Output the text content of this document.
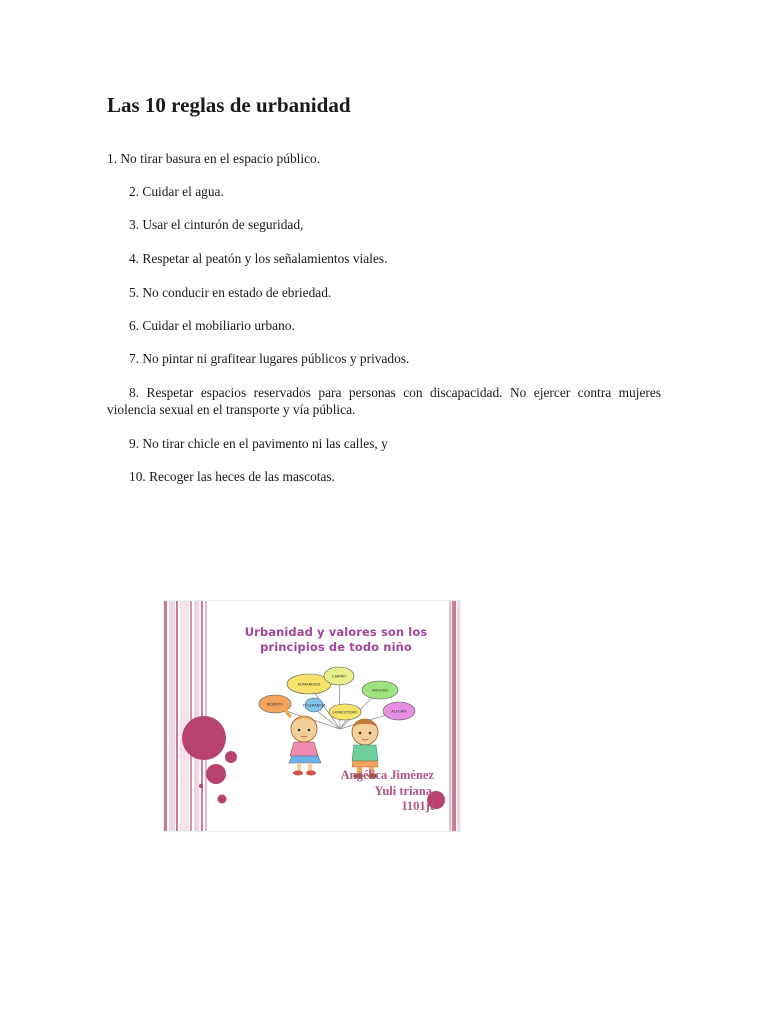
Las 10 reglas de urbanidad

1. No tirar basura en el espacio público.

2. Cuidar el agua.

3. Usar el cinturón de seguridad,

4. Respetar al peatón y los señalamientos viales.

5. No conducir en estado de ebriedad.

6. Cuidar el mobiliario urbano.

7. No pintar ni grafitear lugares públicos y privados.

8. Respetar espacios reservados para personas con discapacidad. No ejercer contra mujeres violencia sexual en el transporte y vía pública.

9. No tirar chicle en el pavimento ni las calles, y

10. Recoger las heces de las mascotas.

RESPETO
HUMANIDAD
CARIÑO
HONESTIDAD
AMISTAD
ALEGRÍA
TOLERANCIA
Urbanidad y valores son los principios de todo niño
Angélica Jiménez
Yuli triana
1101jt
